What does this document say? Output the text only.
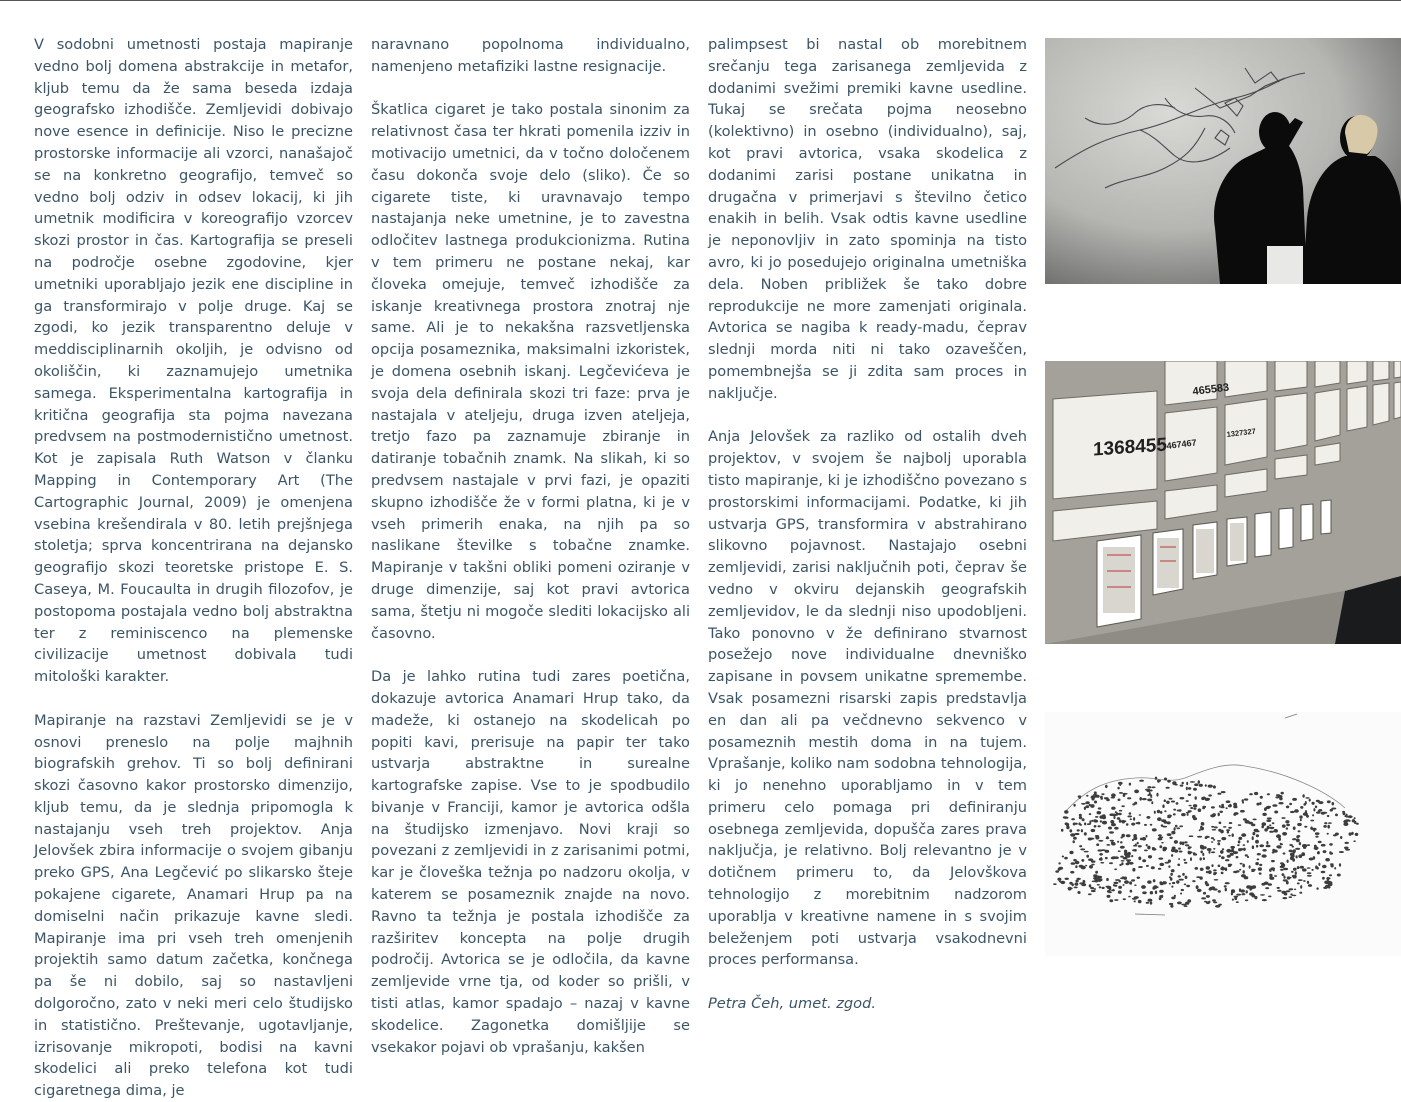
V sodobni umetnosti postaja mapiranje vedno bolj domena abstrakcije in metafor, kljub temu da že sama beseda izdaja geografsko izhodišče. Zemljevidi dobivajo nove esence in definicije. Niso le precizne prostorske informacije ali vzorci, nanašajoč se na konkretno geografijo, temveč so vedno bolj odziv in odsev lokacij, ki jih umetnik modificira v koreografijo vzorcev skozi prostor in čas. Kartografija se preseli na področje osebne zgodovine, kjer umetniki uporabljajo jezik ene discipline in ga transformirajo v polje druge. Kaj se zgodi, ko jezik transparentno deluje v meddisciplinarnih okoljih, je odvisno od okoliščin, ki zaznamujejo umetnika samega. Eksperimentalna kartografija in kritična geografija sta pojma navezana predvsem na postmodernistično umetnost. Kot je zapisala Ruth Watson v članku Mapping in Contemporary Art (The Cartographic Journal, 2009) je omenjena vsebina krešendirala v 80. letih prejšnjega stoletja; sprva koncentrirana na dejansko geografijo skozi teoretske pristope E. S. Caseya, M. Foucaulta in drugih filozofov, je postopoma postajala vedno bolj abstraktna ter z reminiscenco na plemenske civilizacije umetnost dobivala tudi mitološki karakter.

Mapiranje na razstavi Zemljevidi se je v osnovi preneslo na polje majhnih biografskih grehov. Ti so bolj definirani skozi časovno kakor prostorsko dimenzijo, kljub temu, da je slednja pripomogla k nastajanju vseh treh projektov. Anja Jelovšek zbira informacije o svojem gibanju preko GPS, Ana Legčević po slikarsko šteje pokajene cigarete, Anamari Hrup pa na domiselni način prikazuje kavne sledi. Mapiranje ima pri vseh treh omenjenih projektih samo datum začetka, končnega pa še ni dobilo, saj so nastavljeni dolgoročno, zato v neki meri celo študijsko in statistično. Preštevanje, ugotavljanje, izrisovanje mikropoti, bodisi na kavni skodelici ali preko telefona kot tudi cigaretnega dima, je

naravnano popolnoma individualno, namenjeno metafiziki lastne resignacije.

Škatlica cigaret je tako postala sinonim za relativnost časa ter hkrati pomenila izziv in motivacijo umetnici, da v točno določenem času dokonča svoje delo (sliko). Če so cigarete tiste, ki uravnavajo tempo nastajanja neke umetnine, je to zavestna odločitev lastnega produkcionizma. Rutina v tem primeru ne postane nekaj, kar človeka omejuje, temveč izhodišče za iskanje kreativnega prostora znotraj nje same. Ali je to nekakšna razsvetljenska opcija posameznika, maksimalni izkoristek, je domena osebnih iskanj. Legčevićeva je svoja dela definirala skozi tri faze: prva je nastajala v ateljeju, druga izven ateljeja, tretjo fazo pa zaznamuje zbiranje in datiranje tobačnih znamk. Na slikah, ki so predvsem nastajale v prvi fazi, je opaziti skupno izhodišče že v formi platna, ki je v vseh primerih enaka, na njih pa so naslikane številke s tobačne znamke. Mapiranje v takšni obliki pomeni oziranje v druge dimenzije, saj kot pravi avtorica sama, štetju ni mogoče slediti lokacijsko ali časovno.

Da je lahko rutina tudi zares poetična, dokazuje avtorica Anamari Hrup tako, da madeže, ki ostanejo na skodelicah po popiti kavi, prerisuje na papir ter tako ustvarja abstraktne in surealne kartografske zapise. Vse to je spodbudilo bivanje v Franciji, kamor je avtorica odšla na študijsko izmenjavo. Novi kraji so povezani z zemljevidi in z zarisanimi potmi, kar je človeška težnja po nadzoru okolja, v katerem se posameznik znajde na novo. Ravno ta težnja je postala izhodišče za razširitev koncepta na polje drugih področij. Avtorica se je odločila, da kavne zemljevide vrne tja, od koder so prišli, v tisti atlas, kamor spadajo – nazaj v kavne skodelice. Zagonetka domišljije se vsekakor pojavi ob vprašanju, kakšen

palimpsest bi nastal ob morebitnem srečanju tega zarisanega zemljevida z dodanimi svežimi premiki kavne usedline. Tukaj se srečata pojma neosebno (kolektivno) in osebno (individualno), saj, kot pravi avtorica, vsaka skodelica z dodanimi zarisi postane unikatna in drugačna v primerjavi s številno četico enakih in belih. Vsak odtis kavne usedline je neponovljiv in zato spominja na tisto avro, ki jo posedujejo originalna umetniška dela. Noben približek še tako dobre reprodukcije ne more zamenjati originala. Avtorica se nagiba k ready-madu, čeprav slednji morda niti ni tako ozaveščen, pomembnejša se ji zdita sam proces in naključje.

Anja Jelovšek za razliko od ostalih dveh projektov, v svojem še najbolj uporabla tisto mapiranje, ki je izhodiščno povezano s prostorskimi informacijami. Podatke, ki jih ustvarja GPS, transformira v abstrahirano slikovno pojavnost. Nastajajo osebni zemljevidi, zarisi naključnih poti, čeprav še vedno v okviru dejanskih geografskih zemljevidov, le da slednji niso upodobljeni. Tako ponovno v že definirano stvarnost posežejo nove individualne dnevniško zapisane in povsem unikatne spremembe. Vsak posamezni risarski zapis predstavlja en dan ali pa večdnevno sekvenco v posameznih mestih doma in na tujem. Vprašanje, koliko nam sodobna tehnologija, ki jo nenehno uporabljamo in v tem primeru celo pomaga pri definiranju osebnega zemljevida, dopušča zares prava naključja, je relativno. Bolj relevantno je v dotičnem primeru to, da Jelovškova tehnologijo z morebitnim nadzorom uporablja v kreativne namene in s svojim beleženjem poti ustvarja vsakodnevni proces performansa.

Petra Čeh, umet. zgod.

1368455
465583
467467
1327327
